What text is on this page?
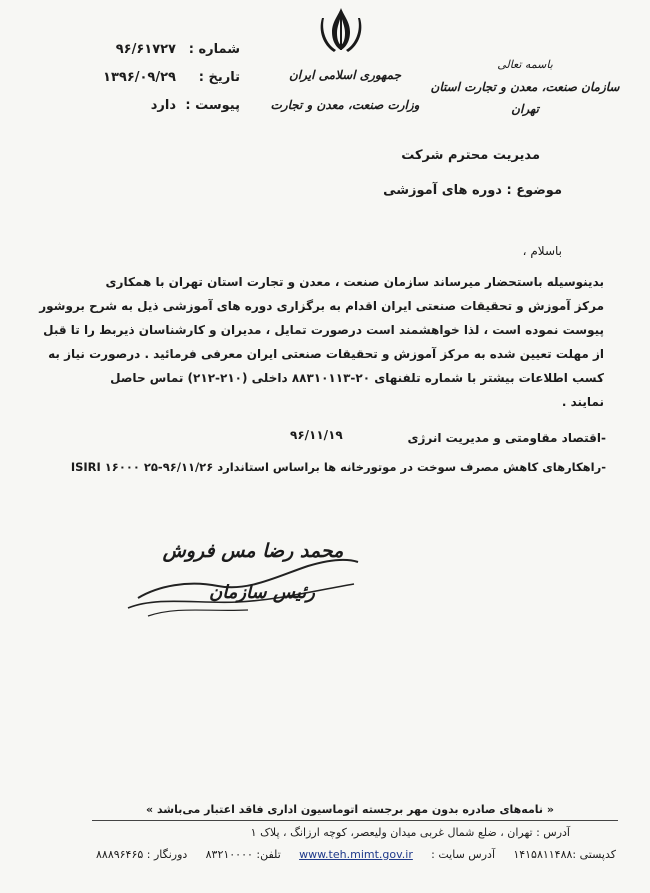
جمهوری اسلامی ایران
وزارت صنعت، معدن و تجارت
باسمه تعالی
سازمان صنعت، معدن و تجارت استان تهران
شماره :
۹۶/۶۱۷۲۷
تاریخ :
۱۳۹۶/۰۹/۲۹
پیوست :
دارد
مدیریت محترم شرکت
موضوع : دوره های آموزشی
باسلام ،
بدینوسیله باستحضار میرساند سازمان صنعت ، معدن و تجارت استان تهران با همکاری
مرکز آموزش و تحقیقات صنعتی ایران اقدام به برگزاری دوره های آموزشی ذیل به شرح بروشور
پیوست نموده است ، لذا خواهشمند است درصورت تمایل ، مدیران و کارشناسان ذیربط را تا قبل
از مهلت تعیین شده به مرکز آموزش و تحقیقات صنعتی ایران معرفی فرمائید . درصورت نیاز به
کسب اطلاعات بیشتر با شماره تلفنهای ۲۰-۸۸۳۱۰۱۱۳ داخلی (۲۱۰-۲۱۲) تماس حاصل
نمایند .
-اقتصاد مقاومتی و مدیریت انرژی
۹۶/۱۱/۱۹
-راهکارهای کاهش مصرف سوخت در موتورخانه ها براساس استاندارد ISIRI ۱۶۰۰۰ ۲۵-۹۶/۱۱/۲۶
محمد رضا مس فروش
رئیس سازمان
« نامه‌های صادره بدون مهر برجسته اتوماسیون اداری فاقد اعتبار می‌باشد »
آدرس : تهران ، ضلع شمال غربی میدان ولیعصر، کوچه ارزانگ ، پلاک ۱
کدپستی :۱۴۱۵۸۱۱۴۸۸
آدرس سایت :
www.teh.mimt.gov.ir
تلفن: ۸۳۲۱۰۰۰۰
دورنگار : ۸۸۸۹۶۴۶۵
